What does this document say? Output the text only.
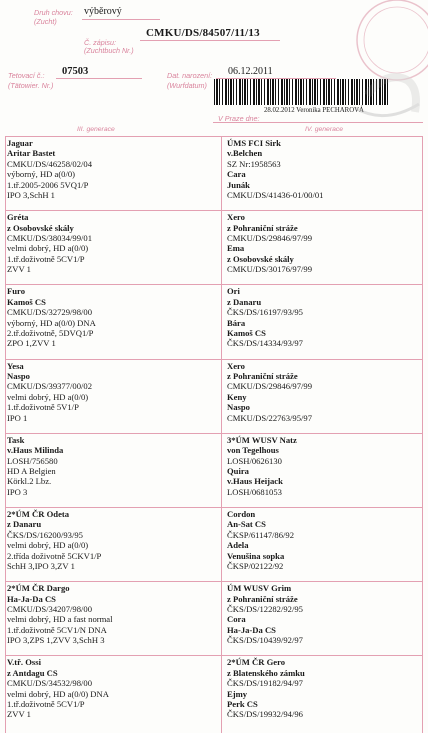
Druh chovu:
(Zucht)
výběrový
Č. zápisu:
(Zuchtbuch Nr.)
CMKU/DS/84507/11/13
Tetovací č.:
(Tätowier. Nr.)
07503	Dat. narození:
(Wurfdatum)
06.12.2011
28.02.2012 Veronika PECHAROVÁ
V Praze dne:
III. generace	IV. generace
Jaguar
Aritar Bastet
CMKU/DS/46258/02/04
výborný, HD a(0/0)
1.tř.2005-2006 5VQ1/P
IPO 3,SchH 1
ÚMS FCI Sirk
v.Belchen
SZ Nr:1958563
Cara
Junák
CMKU/DS/41436-01/00/01
Gréta
z Osobovské skály
CMKU/DS/38034/99/01
velmi dobrý, HD a(0/0)
1.tř.doživotně 5CV1/P
ZVV 1
Xero
z Pohraniční stráže
CMKU/DS/29846/97/99
Ema
z Osobovské skály
CMKU/DS/30176/97/99
Furo
Kamoš CS
CMKU/DS/32729/98/00
výborný, HD a(0/0) DNA
2.tř.doživotně, 5DVQ1/P
ZPO 1,ZVV 1
Ori
z Danaru
ČKS/DS/16197/93/95
Bára
Kamoš CS
ČKS/DS/14334/93/97
Yesa
Naspo
CMKU/DS/39377/00/02
velmi dobrý, HD a(0/0)
1.tř.doživotně 5V1/P
IPO 1
Xero
z Pohraniční stráže
CMKU/DS/29846/97/99
Keny
Naspo
CMKU/DS/22763/95/97
Task
v.Haus Milinda
LOSH/756580
HD A Belgien
Körkl.2 Lbz.
IPO 3
3*ÚM WUSV Natz
von Tegelhous
LOSH/0626130
Quira
v.Haus Heijack
LOSH/0681053
2*ÚM ČR Odeta
z Danaru
ČKS/DS/16200/93/95
velmi dobrý, HD a(0/0)
2.třída doživotně 5CKV1/P
SchH 3,IPO 3,ZV 1
Cordon
An-Sat CS
ČKSP/61147/86/92
Adela
Venušina sopka
ČKSP/02122/92
2*ÚM ČR Dargo
Ha-Ja-Da CS
CMKU/DS/34207/98/00
velmi dobrý, HD a fast normal
1.tř.doživotně 5CV1/N DNA
IPO 3,ZPS 1,ZVV 3,SchH 3
ÚM WUSV Grim
z Pohraniční stráže
ČKS/DS/12282/92/95
Cora
Ha-Ja-Da CS
ČKS/DS/10439/92/97
V.tř. Ossi
z Antdagu CS
CMKU/DS/34532/98/00
velmi dobrý, HD a(0/0) DNA
1.tř.doživotně 5CV1/P
ZVV 1
2*ÚM ČR Gero
z Blatenského zámku
ČKS/DS/19182/94/97
Ejmy
Perk CS
ČKS/DS/19932/94/96
